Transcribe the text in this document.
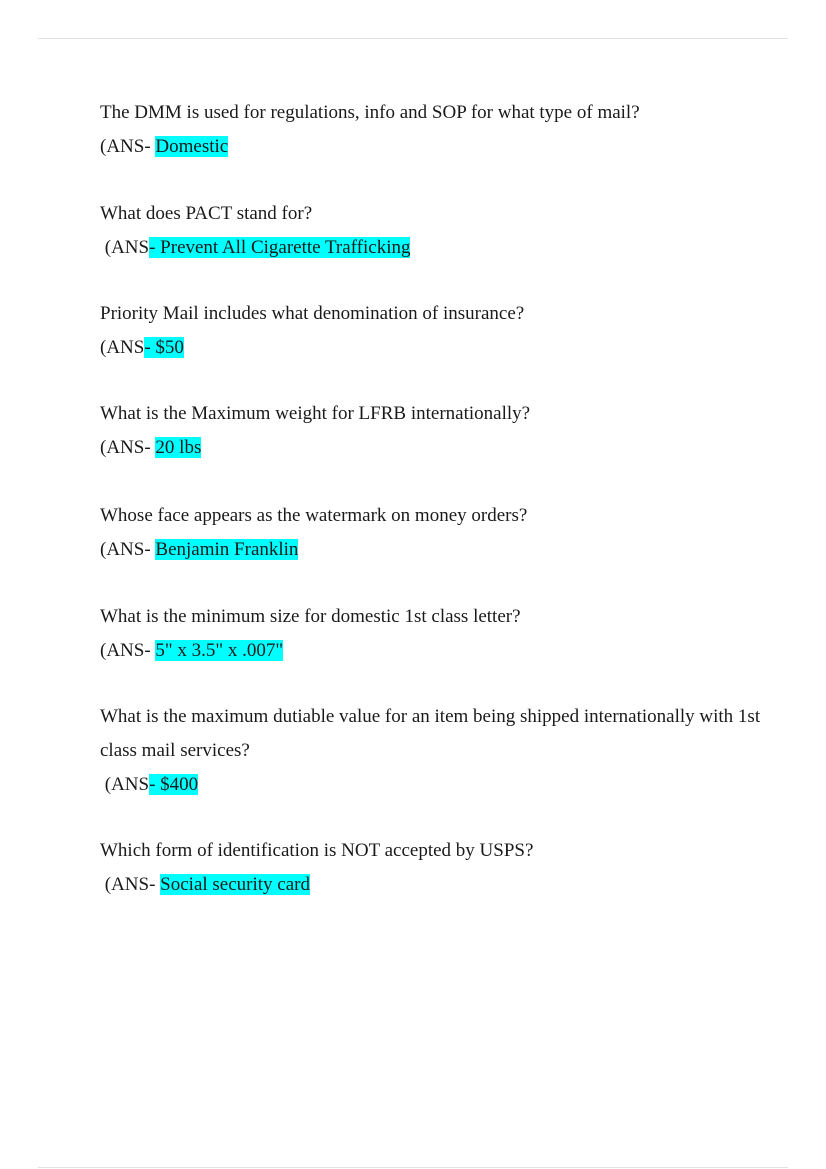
The DMM is used for regulations, info and SOP for what type of mail?

(ANS- Domestic

What does PACT stand for?

(ANS- Prevent All Cigarette Trafficking

Priority Mail includes what denomination of insurance?

(ANS- $50

What is the Maximum weight for LFRB internationally?

(ANS- 20 lbs

Whose face appears as the watermark on money orders?

(ANS- Benjamin Franklin

What is the minimum size for domestic 1st class letter?

(ANS- 5" x 3.5" x .007"

What is the maximum dutiable value for an item being shipped internationally with 1st class mail services?

(ANS- $400

Which form of identification is NOT accepted by USPS?

(ANS- Social security card
